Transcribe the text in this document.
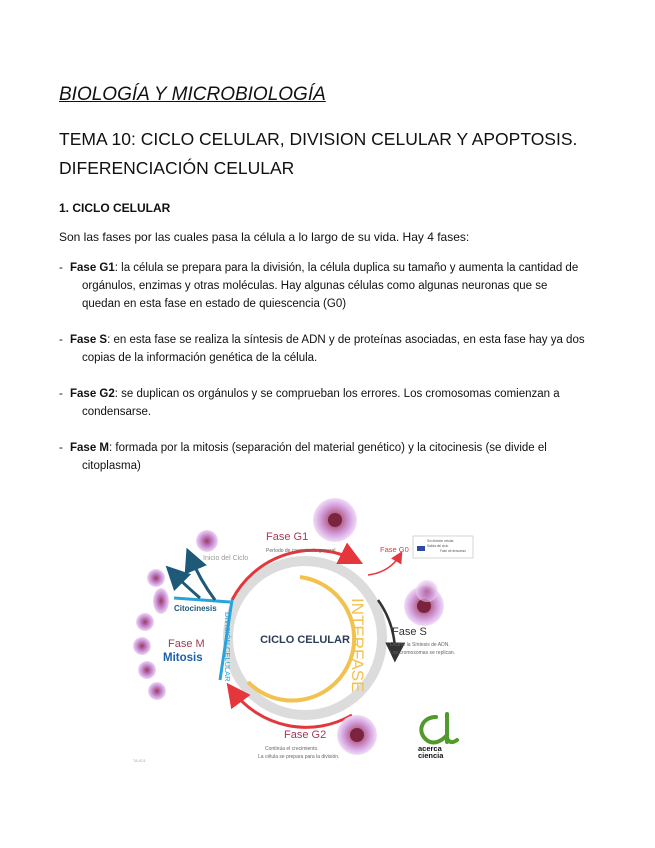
BIOLOGÍA Y MICROBIOLOGÍA
TEMA 10: CICLO CELULAR, DIVISION CELULAR Y APOPTOSIS.
DIFERENCIACIÓN CELULAR
1. CICLO CELULAR

Son las fases por las cuales pasa la célula a lo largo de su vida. Hay 4 fases:

- Fase G1: la célula se prepara para la división, la célula duplica su tamaño y aumenta la cantidad de
orgánulos, enzimas y otras moléculas. Hay algunas células como algunas neuronas que se
quedan en esta fase en estado de quiescencia (G0)
- Fase S: en esta fase se realiza la síntesis de ADN y de proteínas asociadas, en esta fase hay ya dos
copias de la información genética de la célula.
- Fase G2: se duplican os orgánulos y se comprueban los errores. Los cromosomas comienzan a
condensarse.
- Fase M: formada por la mitosis (separación del material genético) y la citocinesis (se divide el
citoplasma)
Sin división celular.
Salida del ciclo
Fase de descanso
CICLO CELULAR
INTERFASE
DIVISIÓN CELULAR
Inicio del Ciclo
Citocinesis
Fase M
Mitosis
Fase G1
Período de crecimiento general	Fase G0
Fase S
Ocurre la Síntesis de ADN.
Los cromosomas se replican.
Fase G2
Continúa el crecimiento.
La célula se prepara para la división.
TA-621
acerca
ciencia
